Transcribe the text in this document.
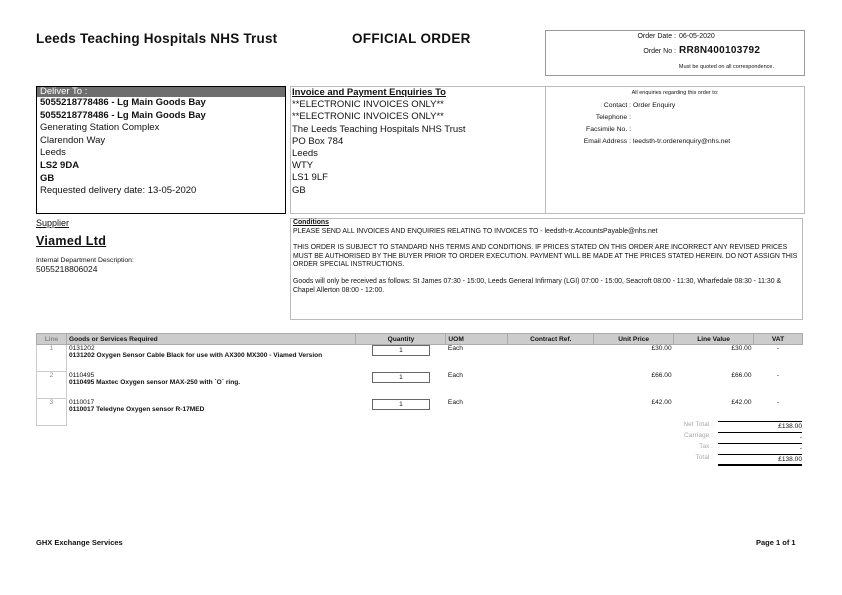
Leeds Teaching Hospitals NHS Trust	OFFICIAL ORDER	Order Date : 06-05-2020
Order No : RR8N400103792
Must be quoted on all correspondence.
Deliver To :
5055218778486 - Lg Main Goods Bay
5055218778486 - Lg Main Goods Bay
Generating Station Complex
Clarendon Way
Leeds
LS2 9DA
GB
Requested delivery date: 13-05-2020
Invoice and Payment Enquiries To
**ELECTRONIC INVOICES ONLY**
**ELECTRONIC INVOICES ONLY**
The Leeds Teaching Hospitals NHS Trust
PO Box 784
Leeds
WTY
LS1 9LF
GB
All enquiries regarding this order to:
Contact : Order Enquiry
Telephone :
Facsimile No. :
Email Address : leedsth-tr.orderenquiry@nhs.net
Supplier
Viamed Ltd
Internal Department Description:
5055218806024
Conditions
PLEASE SEND ALL INVOICES AND ENQUIRIES RELATING TO INVOICES TO - leedsth-tr.AccountsPayable@nhs.net
THIS ORDER IS SUBJECT TO STANDARD NHS TERMS AND CONDITIONS. IF PRICES STATED ON THIS ORDER ARE INCORRECT ANY REVISED PRICES MUST BE AUTHORISED BY THE BUYER PRIOR TO ORDER EXECUTION. PAYMENT WILL BE MADE AT THE PRICES STATED HEREIN. DO NOT ASSIGN THIS ORDER SPECIAL INSTRUCTIONS.
Goods will only be received as follows: St James 07:30 - 15:00, Leeds General Infirmary (LGI) 07:00 - 15:00, Seacroft 08:00 - 11:30, Wharfedale 08:30 - 11:30 & Chapel Allerton 08:00 - 12:00.
Line	Goods or Services Required	Quantity	UOM	Contract Ref.	Unit Price	Line Value	VAT
1	0131202
0131202 Oxygen Sensor Cable Black for use with AX300 MX300 - Viamed Version	1	Each		£30.00	£30.00	-
2	0110495
0110495 Maxtec Oxygen sensor MAX-250 with `O` ring.	1	Each		£66.00	£66.00	-
3	0110017
0110017 Teledyne Oxygen sensor R-17MED	1	Each		£42.00	£42.00	-
Net Total :	£138.00
Carriage :	-
Tax :	-
Total :	£138.00
GHX Exchange Services	Page 1 of 1
